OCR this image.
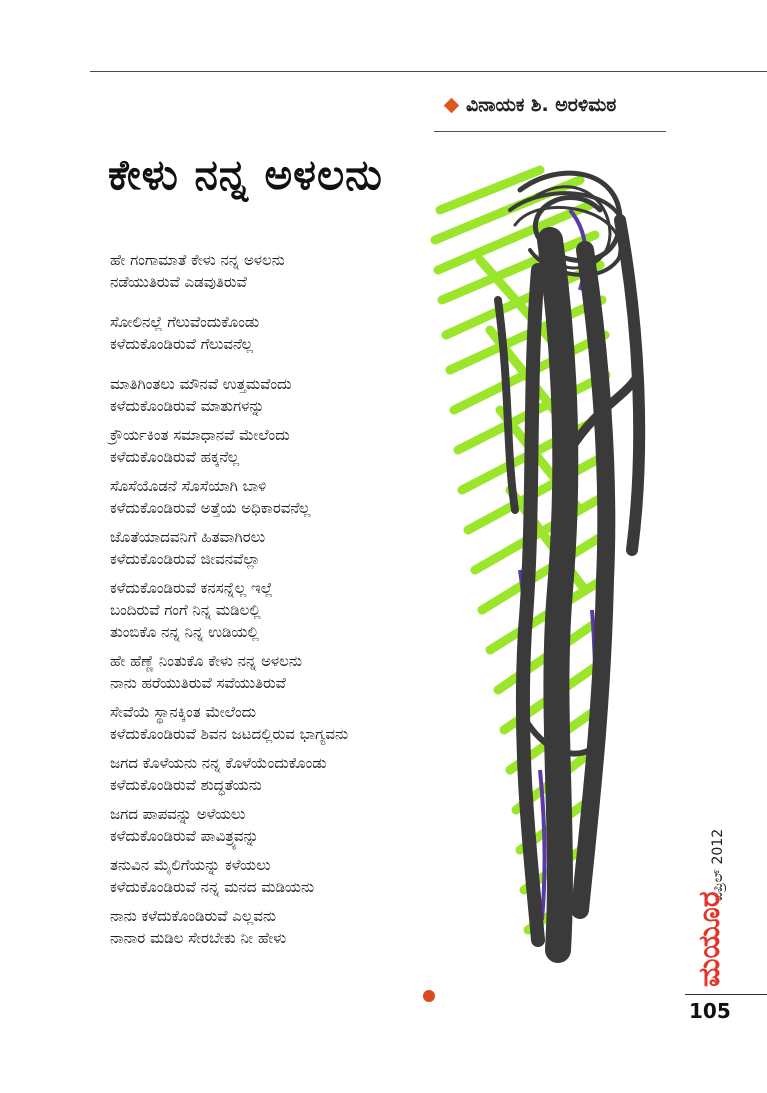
ವಿನಾಯಕ ಶಿ. ಅರಳಿಮಠ
ಕೇಳು ನನ್ನ ಅಳಲನು
ಹೇ ಗಂಗಾಮಾತೆ ಕೇಳು ನನ್ನ ಅಳಲನು
ನಡೆಯುತಿರುವೆ ಎಡವುತಿರುವೆ
ಸೋಲಿನಲ್ಲೆ ಗೆಲುವೆಂದುಕೊಂಡು
ಕಳೆದುಕೊಂಡಿರುವೆ ಗೆಲುವನೆಲ್ಲ
ಮಾತಿಗಿಂತಲು ಮೌನವೆ ಉತ್ತಮವೆಂದು
ಕಳೆದುಕೊಂಡಿರುವೆ ಮಾತುಗಳನ್ನು
ಕ್ರೌರ್ಯಕಿಂತ ಸಮಾಧಾನವೆ ಮೇಲೆಂದು
ಕಳೆದುಕೊಂಡಿರುವೆ ಹಕ್ಕನೆಲ್ಲ
ಸೊಸೆಯೊಡನೆ ಸೊಸೆಯಾಗಿ ಬಾಳಿ
ಕಳೆದುಕೊಂಡಿರುವೆ ಅತ್ತೆಯ ಅಧಿಕಾರವನೆಲ್ಲ
ಜೊತೆಯಾದವನಿಗೆ ಹಿತವಾಗಿರಲು
ಕಳೆದುಕೊಂಡಿರುವೆ ಜೀವನವೆಲ್ಲಾ
ಕಳೆದುಕೊಂಡಿರುವೆ ಕನಸನ್ನೆಲ್ಲ ಇಲ್ಲೆ
ಬಂದಿರುವೆ ಗಂಗೆ ನಿನ್ನ ಮಡಿಲಲ್ಲಿ
ತುಂಬಿಕೊ ನನ್ನ ನಿನ್ನ ಉಡಿಯಲ್ಲಿ
ಹೇ ಹೆಣ್ಣೆ ನಿಂತುಕೊ ಕೇಳು ನನ್ನ ಅಳಲನು
ನಾನು ಹರೆಯುತಿರುವೆ ಸವೆಯುತಿರುವೆ
ಸೇವೆಯೆ ಸ್ಥಾನಕ್ಕಿಂತ ಮೇಲೆಂದು
ಕಳೆದುಕೊಂಡಿರುವೆ ಶಿವನ ಜಟದಲ್ಲಿರುವ ಭಾಗ್ಯವನು
ಜಗದ ಕೊಳೆಯನು ನನ್ನ ಕೊಳೆಯೆಂದುಕೊಂಡು
ಕಳೆದುಕೊಂಡಿರುವೆ ಶುದ್ಧತೆಯನು
ಜಗದ ಪಾಪವನ್ನು ಅಳೆಯಲು
ಕಳೆದುಕೊಂಡಿರುವೆ ಪಾವಿತ್ರ್ಯವನ್ನು
ತನುವಿನ ಮೈಲಿಗೆಯನ್ನು ಕಳೆಯಲು
ಕಳೆದುಕೊಂಡಿರುವೆ ನನ್ನ ಮನದ ಮಡಿಯನು
ನಾನು ಕಳೆದುಕೊಂಡಿರುವೆ ಎಲ್ಲವನು
ನಾನಾರ ಮಡಿಲ ಸೇರಬೇಕು ನೀ ಹೇಳು
ಏಪ್ರಿಲ್ 2012
ಮಯೂರ
105
